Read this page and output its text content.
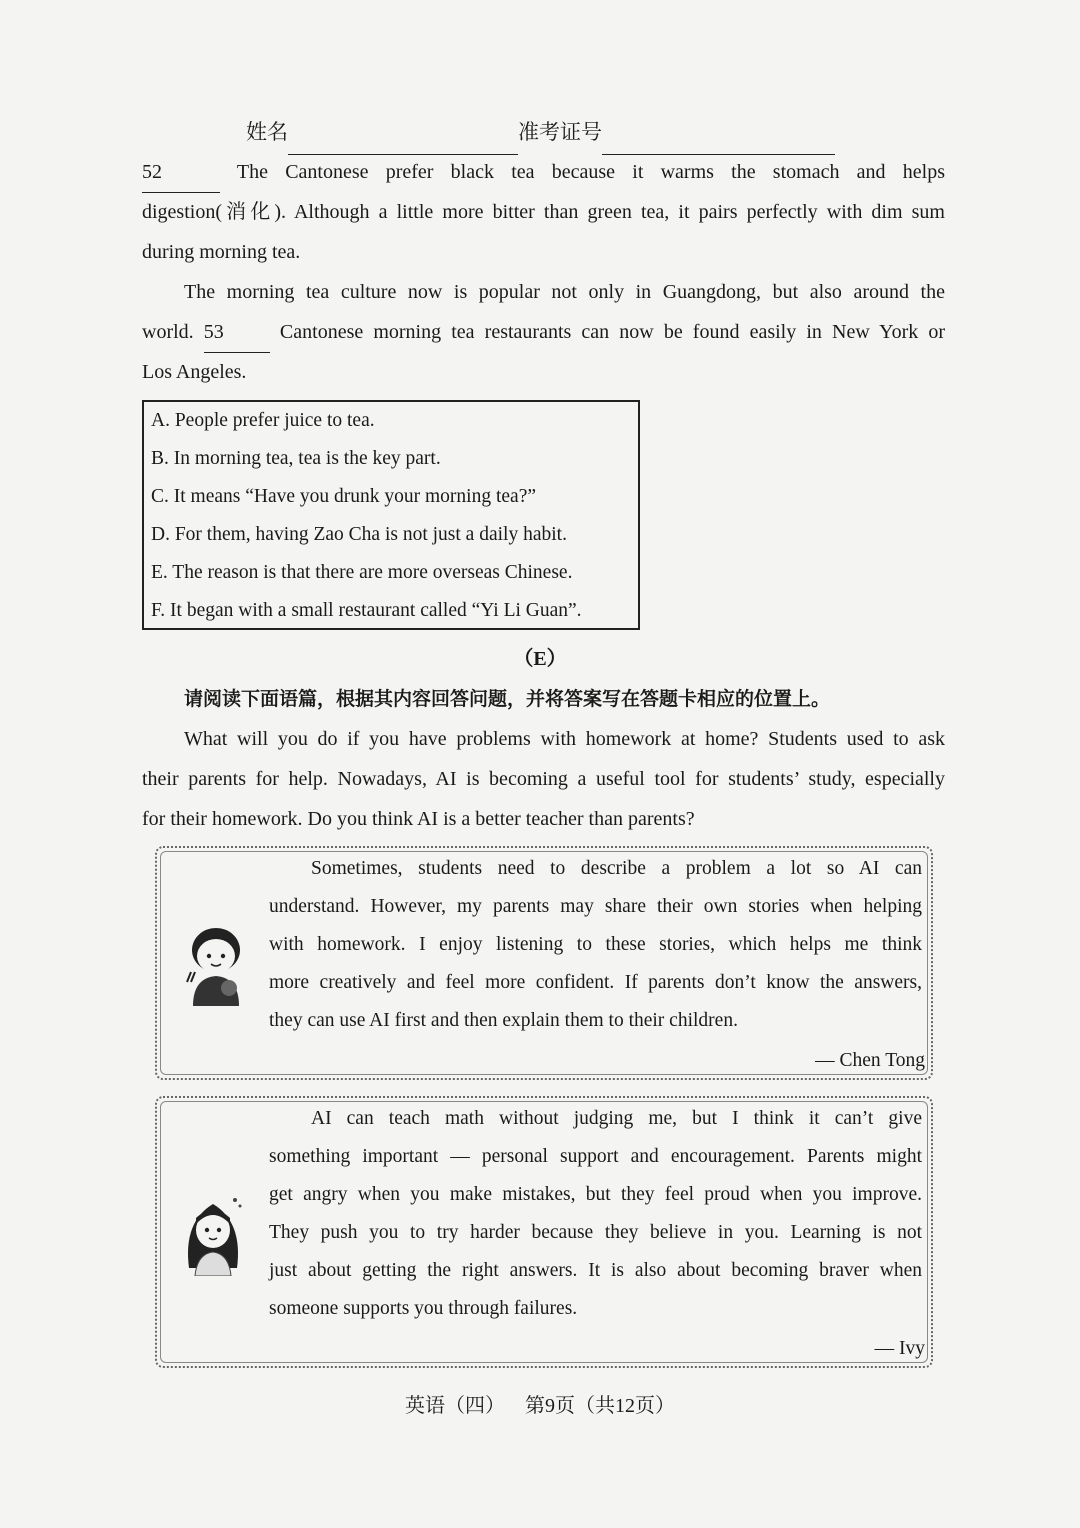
姓名	准考证号
52	The Cantonese prefer black tea because it warms the stomach and helps
digestion(消化). Although a little more bitter than green tea, it pairs perfectly with dim sum
during morning tea.
The morning tea culture now is popular not only in Guangdong, but also around the
world. 53	Cantonese morning tea restaurants can now be found easily in New York or
Los Angeles.
A. People prefer juice to tea.
B. In morning tea, tea is the key part.
C. It means “Have you drunk your morning tea?”
D. For them, having Zao Cha is not just a daily habit.
E. The reason is that there are more overseas Chinese.
F. It began with a small restaurant called “Yi Li Guan”.
（E）
请阅读下面语篇，根据其内容回答问题，并将答案写在答题卡相应的位置上。
What will you do if you have problems with homework at home? Students used to ask
their parents for help. Nowadays, AI is becoming a useful tool for students’ study, especially
for their homework. Do you think AI is a better teacher than parents?
Sometimes, students need to describe a problem a lot so AI can
understand. However, my parents may share their own stories when helping
with homework. I enjoy listening to these stories, which helps me think
more creatively and feel more confident. If parents don’t know the answers,
they can use AI first and then explain them to their children.
— Chen Tong
AI can teach math without judging me, but I think it can’t give
something important — personal support and encouragement. Parents might
get angry when you make mistakes, but they feel proud when you improve.
They push you to try harder because they believe in you. Learning is not
just about getting the right answers. It is also about becoming braver when
someone supports you through failures.
— Ivy
英语（四） 第9页（共12页）
